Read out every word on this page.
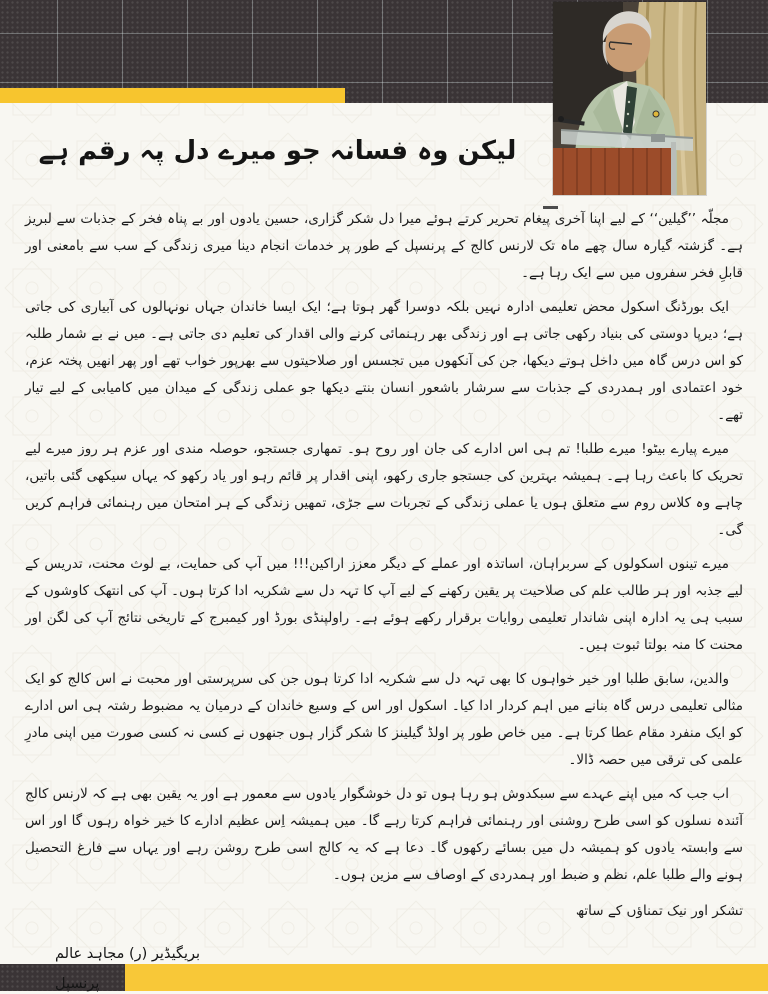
لیکن وہ فسانہ جو میرے دل پہ رقم ہے

مجلّہ ’’گیلین‘‘ کے لیے اپنا آخری پیغام تحریر کرتے ہوئے میرا دل شکر گزاری، حسین یادوں اور بے پناہ فخر کے جذبات سے لبریز ہے۔ گزشتہ گیارہ سال چھے ماہ تک لارنس کالج کے پرنسپل کے طور پر خدمات انجام دینا میری زندگی کے سب سے بامعنی اور قابلِ فخر سفروں میں سے ایک رہا ہے۔

ایک بورڈنگ اسکول محض تعلیمی ادارہ نہیں بلکہ دوسرا گھر ہوتا ہے؛ ایک ایسا خاندان جہاں نونہالوں کی آبیاری کی جاتی ہے؛ دیرپا دوستی کی بنیاد رکھی جاتی ہے اور زندگی بھر رہنمائی کرنے والی اقدار کی تعلیم دی جاتی ہے۔ میں نے بے شمار طلبہ کو اس درس گاہ میں داخل ہوتے دیکھا، جن کی آنکھوں میں تجسس اور صلاحیتوں سے بھرپور خواب تھے اور پھر انھیں پختہ عزم، خود اعتمادی اور ہمدردی کے جذبات سے سرشار باشعور انسان بنتے دیکھا جو عملی زندگی کے میدان میں کامیابی کے لیے تیار تھے۔

میرے پیارے بیٹو! میرے طلبا! تم ہی اس ادارے کی جان اور روح ہو۔ تمھاری جستجو، حوصلہ مندی اور عزم ہر روز میرے لیے تحریک کا باعث رہا ہے۔ ہمیشہ بہترین کی جستجو جاری رکھو، اپنی اقدار پر قائم رہو اور یاد رکھو کہ یہاں سیکھی گئی باتیں، چاہے وہ کلاس روم سے متعلق ہوں یا عملی زندگی کے تجربات سے جڑی، تمھیں زندگی کے ہر امتحان میں رہنمائی فراہم کریں گی۔

میرے تینوں اسکولوں کے سربراہان، اساتذہ اور عملے کے دیگر معزز اراکین!!! میں آپ کی حمایت، بے لوث محنت، تدریس کے لیے جذبہ اور ہر طالب علم کی صلاحیت پر یقین رکھنے کے لیے آپ کا تہہ دل سے شکریہ ادا کرتا ہوں۔ آپ کی انتھک کاوشوں کے سبب ہی یہ ادارہ اپنی شاندار تعلیمی روایات برقرار رکھے ہوئے ہے۔ راولپنڈی بورڈ اور کیمبرج کے تاریخی نتائج آپ کی لگن اور محنت کا منہ بولتا ثبوت ہیں۔

والدین، سابق طلبا اور خیر خواہوں کا بھی تہہ دل سے شکریہ ادا کرتا ہوں جن کی سرپرستی اور محبت نے اس کالج کو ایک مثالی تعلیمی درس گاہ بنانے میں اہم کردار ادا کیا۔ اسکول اور اس کے وسیع خاندان کے درمیان یہ مضبوط رشتہ ہی اس ادارے کو ایک منفرد مقام عطا کرتا ہے۔ میں خاص طور پر اولڈ گیلینز کا شکر گزار ہوں جنھوں نے کسی نہ کسی صورت میں اپنی مادرِ علمی کی ترقی میں حصہ ڈالا۔

اب جب کہ میں اپنے عہدے سے سبکدوش ہو رہا ہوں تو دل خوشگوار یادوں سے معمور ہے اور یہ یقین بھی ہے کہ لارنس کالج آئندہ نسلوں کو اسی طرح روشنی اور رہنمائی فراہم کرتا رہے گا۔ میں ہمیشہ اِس عظیم ادارے کا خیر خواہ رہوں گا اور اس سے وابستہ یادوں کو ہمیشہ دل میں بسائے رکھوں گا۔ دعا ہے کہ یہ کالج اسی طرح روشن رہے اور یہاں سے فارغ التحصیل ہونے والے طلبا علم، نظم و ضبط اور ہمدردی کے اوصاف سے مزین ہوں۔

تشکر اور نیک تمناؤں کے ساتھ
بریگیڈیر (ر) مجاہد عالم
پرنسپل
